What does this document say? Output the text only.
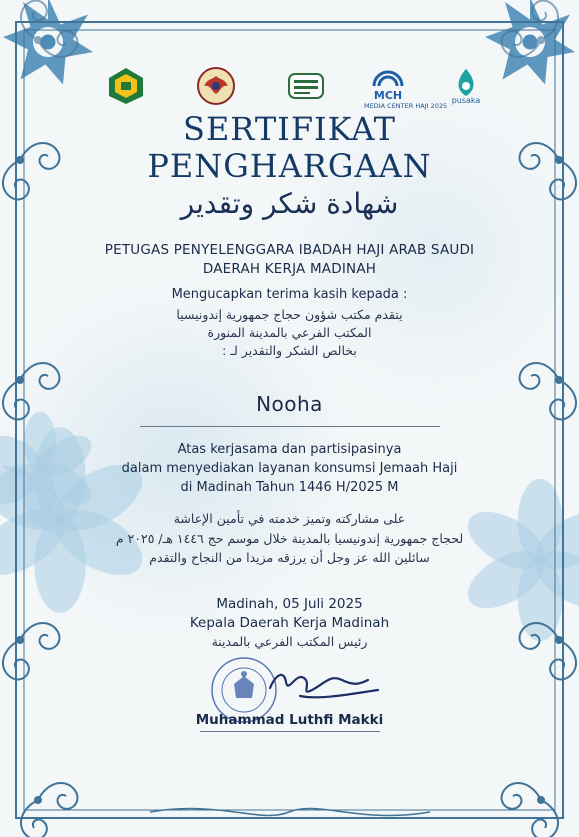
MCH
MEDIA CENTER HAJI 2025
pusaka
SERTIFIKAT
PENGHARGAAN
شهادة شكر وتقدير
PETUGAS PENYELENGGARA IBADAH HAJI ARAB SAUDI
DAERAH KERJA MADINAH
Mengucapkan terima kasih kepada :
يتقدم مكتب شؤون حجاج جمهورية إندونيسيا
المكتب الفرعي بالمدينة المنورة
بخالص الشكر والتقدير لـ :
Nooha
Atas kerjasama dan partisipasinya
dalam menyediakan layanan konsumsi Jemaah Haji
di Madinah Tahun 1446 H/2025 M
على مشاركته وتميز خدمته في تأمين الإعاشة
لحجاج جمهورية إندونيسيا بالمدينة خلال موسم حج ١٤٤٦ هـ/ ٢٠٢٥ م
سائلين الله عز وجل أن يرزقه مزيدا من النجاح والتقدم
Madinah, 05 Juli 2025
Kepala Daerah Kerja Madinah
رئيس المكتب الفرعي بالمدينة
Muhammad Luthfi Makki
